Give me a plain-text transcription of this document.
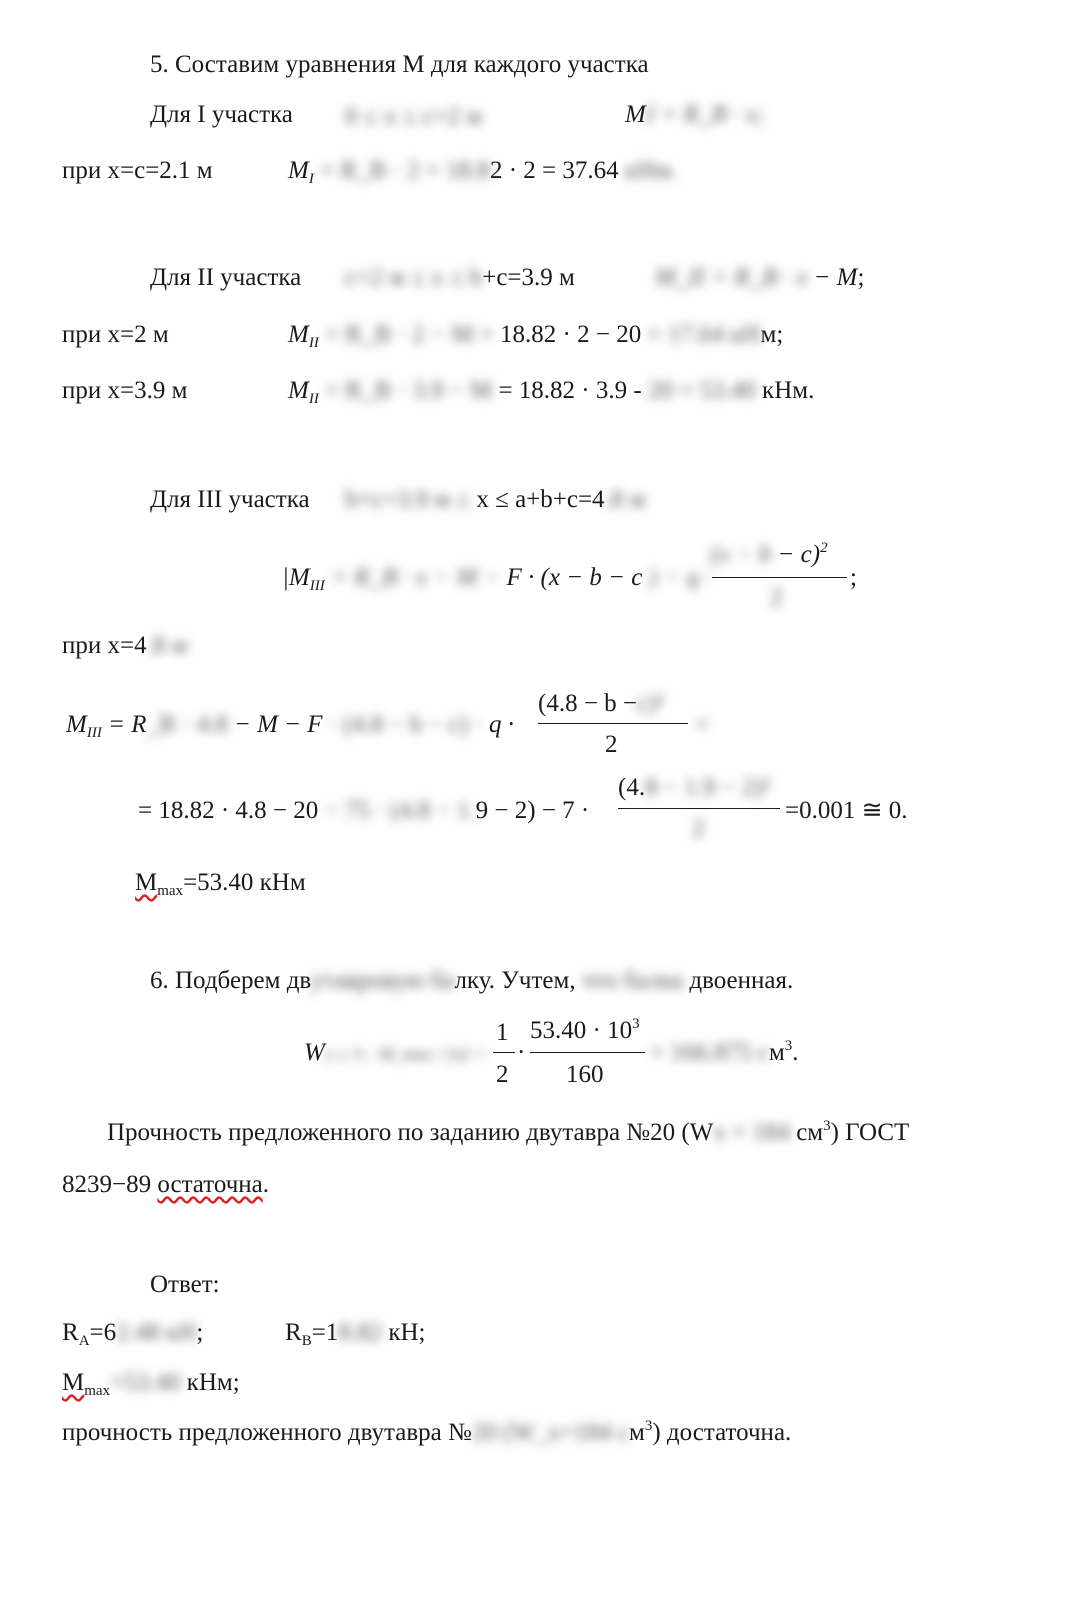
5. Составим уравнения М для каждого участка
Для I участка 0 ≤ x ≤ c=2 м	MI = R_B · x;
при x=c=2.1 м	$M_I$ = R_B · 2 = 18.82 · 2 = 37.64 кНм.
Для II участка c=2 м ≤ x ≤ b+c=3.9 м	M_II = R_B · x − M;
при x=2 м	$M_{II}$ = R_B · 2 − M = 18.82 · 2 − 20 = 17.64 кНм;
при x=3.9 м	$M_{II}$ = R_B · 3.9 − M = 18.82 · 3.9 - 20 = 53.40 кНм.
Для III участка b+c=3.9 м ≤ x ≤ a+b+c=4.8 м
$|M_{III}$ = R_B · x − M − F · (x − b − c ) − q ·
$(x - b - c)^2$
2
;
при x=4.8 м
$M_{III}$ = R_B · 4.8 − M − F · (4.8 − b − c) · q ·
(4.8 − b −c)²
2
=
= 18.82 · 4.8 − 20 − 75 · (4.8 − 1.9 − 2) − 7 ·
(4.8 − 1.9 − 2)²
2
=0.001 ≅ 0.
$M_{max}=53.40$ кНм
6. Подберем двутавровую балку. Учтем, что балка двоенная.
Wx ≥ ½ · M_max / [σ] =
1
2
·
$53.40 \cdot 10^3$
160
= 166.875 $см^3$.
Прочность предложенного по заданию двутавра №20 (Wx = 184 $см^3$) ГОСТ
8239−89 остаточна.
Ответ:
$R_A=62.48$ кН;	$R_B=18.82$ кН;
$M_{max}=53.40$ кНм;
прочность предложенного двутавра №20 (W_x=184 $см^3$) достаточна.
